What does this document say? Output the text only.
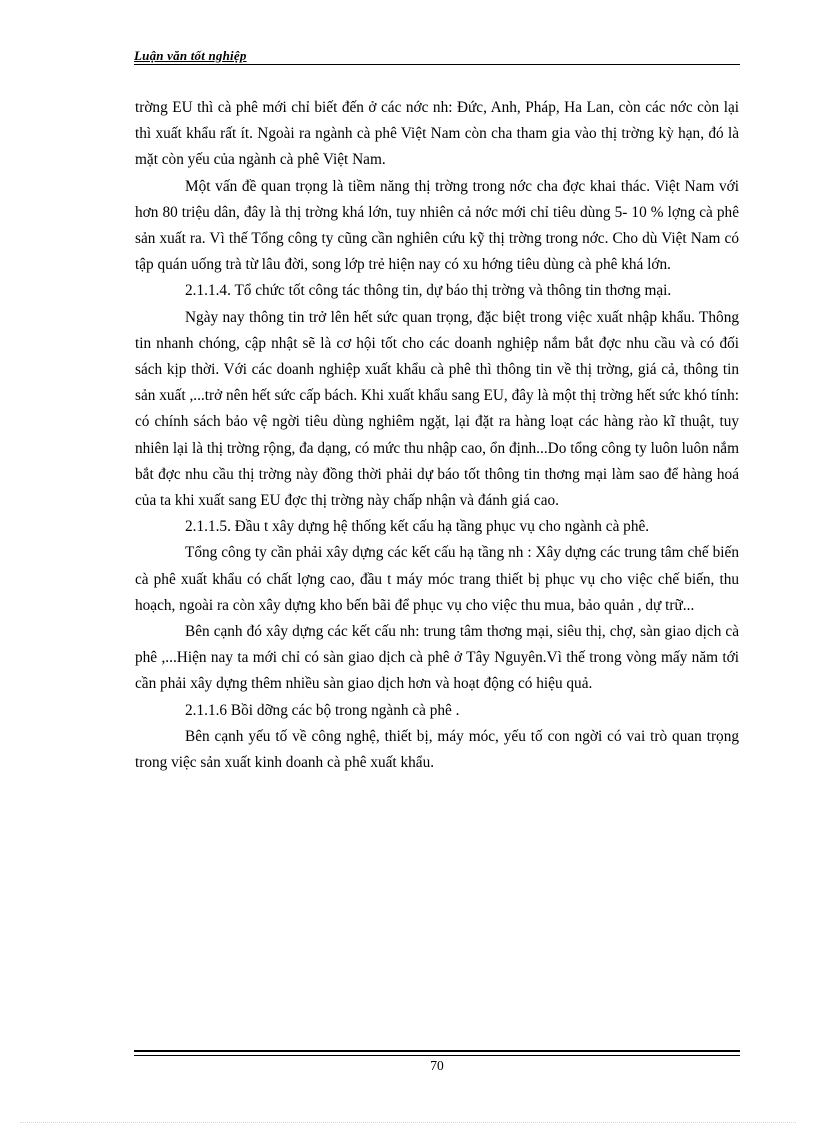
Luận văn tốt nghiệp

trờng EU thì cà phê mới chỉ biết đến ở các nớc nh: Đức, Anh, Pháp, Ha Lan, còn các nớc còn lại thì xuất khẩu rất ít. Ngoài ra ngành cà phê Việt Nam còn cha tham gia vào thị trờng kỳ hạn, đó là mặt còn yếu của ngành cà phê Việt Nam.

Một vấn đề quan trọng là tiềm năng thị trờng trong nớc cha đợc khai thác. Việt Nam với hơn 80 triệu dân, đây là thị trờng khá lớn, tuy nhiên cả nớc mới chỉ tiêu dùng 5- 10 % lợng cà phê sản xuất ra. Vì thế Tổng công ty cũng cần nghiên cứu kỹ thị trờng trong nớc. Cho dù Việt Nam có tập quán uống trà từ lâu đời, song lớp trẻ hiện nay có xu hớng tiêu dùng cà phê khá lớn.

2.1.1.4. Tổ chức tốt công tác thông tin, dự báo thị trờng và thông tin thơng mại.

Ngày nay thông tin trở lên hết sức quan trọng, đặc biệt trong việc xuất nhập khẩu. Thông tin nhanh chóng, cập nhật sẽ là cơ hội tốt cho các doanh nghiệp nắm bắt đợc nhu cầu và có đối sách kịp thời. Với các doanh nghiệp xuất khẩu cà phê thì thông tin về thị trờng, giá cả, thông tin sản xuất ,...trở nên hết sức cấp bách. Khi xuất khẩu sang EU, đây là một thị trờng hết sức khó tính: có chính sách bảo vệ ngời tiêu dùng nghiêm ngặt, lại đặt ra hàng loạt các hàng rào kĩ thuật, tuy nhiên lại là thị trờng rộng, đa dạng, có mức thu nhập cao, ổn định...Do tổng công ty luôn luôn nắm bắt đợc nhu cầu thị trờng này đồng thời phải dự báo tốt thông tin thơng mại làm sao để hàng hoá của ta khi xuất sang EU đợc thị trờng này chấp nhận và đánh giá cao.

2.1.1.5. Đầu t xây dựng hệ thống kết cấu hạ tầng phục vụ cho ngành cà phê.

Tổng công ty cần phải xây dựng các kết cấu hạ tầng nh : Xây dựng các trung tâm chế biến cà phê xuất khẩu có chất lợng cao, đầu t máy móc trang thiết bị phục vụ cho việc chế biến, thu hoạch, ngoài ra còn xây dựng kho bến bãi để phục vụ cho việc thu mua, bảo quản , dự trữ...

Bên cạnh đó xây dựng các kết cấu nh: trung tâm thơng mại, siêu thị, chợ, sàn giao dịch cà phê ,...Hiện nay ta mới chỉ có sàn giao dịch cà phê ở Tây Nguyên.Vì thế trong vòng mấy năm tới cần phải xây dựng thêm nhiều sàn giao dịch hơn và hoạt động có hiệu quả.

2.1.1.6 Bồi dỡng các bộ trong ngành cà phê .

Bên cạnh yếu tố về công nghệ, thiết bị, máy móc, yếu tố con ngời có vai trò quan trọng trong việc sản xuất kinh doanh cà phê xuất khẩu.

70
